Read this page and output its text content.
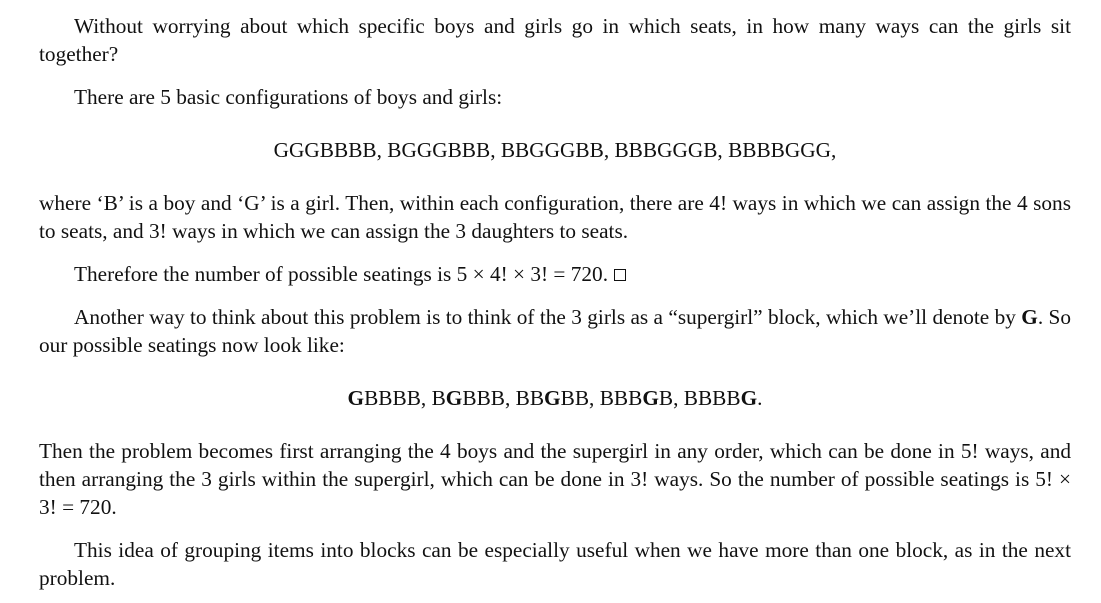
Without worrying about which specific boys and girls go in which seats, in how many ways can the girls sit together?

There are 5 basic configurations of boys and girls:

GGGBBBB, BGGGBBB, BBGGGBB, BBBGGGB, BBBBGGG,

where ‘B’ is a boy and ‘G’ is a girl. Then, within each configuration, there are 4! ways in which we can assign the 4 sons to seats, and 3! ways in which we can assign the 3 daughters to seats.

Therefore the number of possible seatings is 5 × 4! × 3! = 720.

Another way to think about this problem is to think of the 3 girls as a “supergirl” block, which we’ll denote by G. So our possible seatings now look like:

GBBBB, BGBBB, BBGBB, BBBGB, BBBBG.

Then the problem becomes first arranging the 4 boys and the supergirl in any order, which can be done in 5! ways, and then arranging the 3 girls within the supergirl, which can be done in 3! ways. So the number of possible seatings is 5! × 3! = 720.

This idea of grouping items into blocks can be especially useful when we have more than one block, as in the next problem.
